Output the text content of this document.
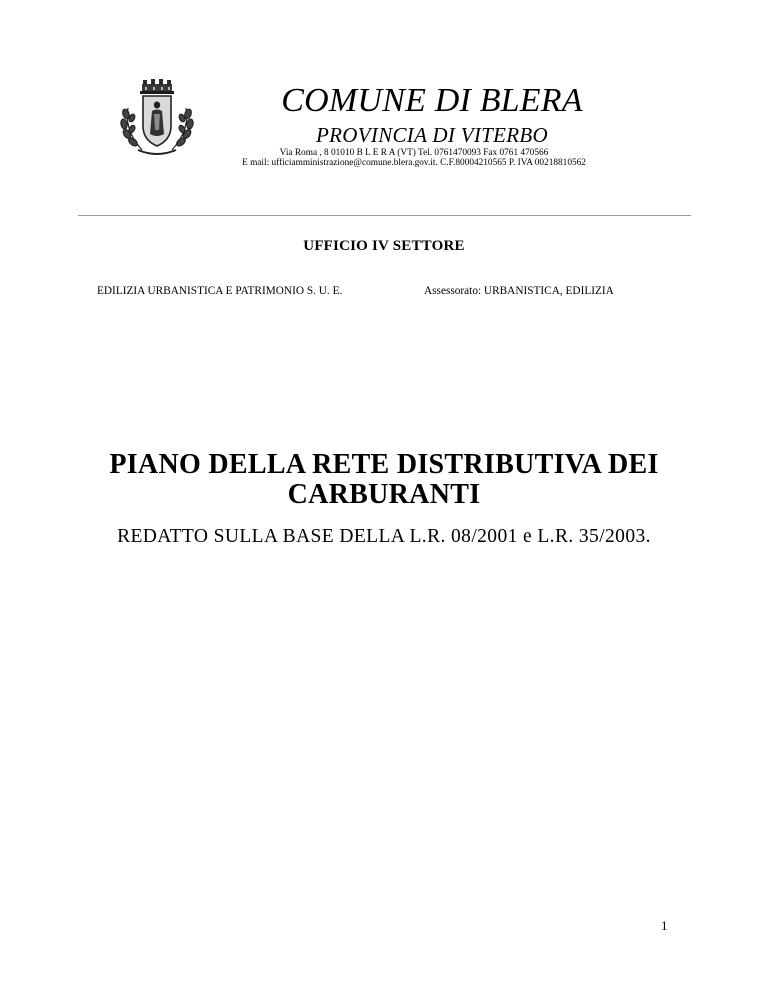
COMUNE DI BLERA
PROVINCIA DI VITERBO
Via Roma , 8 01010 B L E R A (VT) Tel. 0761470093 Fax 0761 470566
E mail: ufficiamministrazione@comune.blera.gov.it. C.F.80004210565 P. IVA 00218810562
UFFICIO IV SETTORE
EDILIZIA URBANISTICA E PATRIMONIO S. U. E.	Assessorato: URBANISTICA, EDILIZIA
PIANO DELLA RETE DISTRIBUTIVA DEI
CARBURANTI
REDATTO SULLA BASE DELLA L.R. 08/2001 e L.R. 35/2003.
1
